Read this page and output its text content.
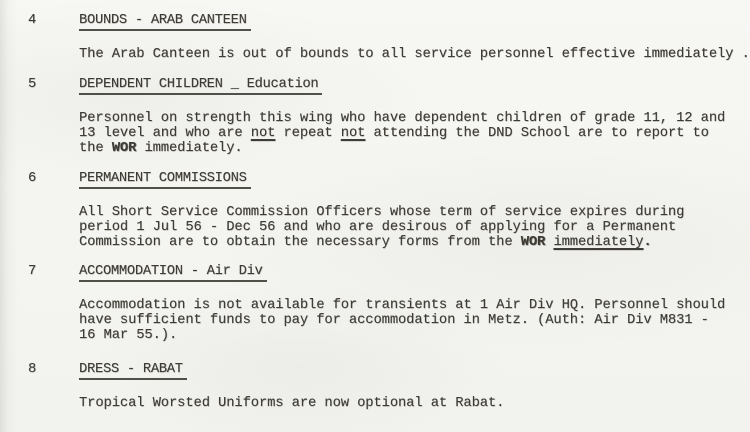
4	BOUNDS - ARAB CANTEEN

The Arab Canteen is out of bounds to all service personnel effective immediately .

5	DEPENDENT CHILDREN _ Education

Personnel on strength this wing who have dependent children of grade 11, 12 and
13 level and who are not repeat not attending the DND School are to report to
the WOR immediately.

6	PERMANENT COMMISSIONS

All Short Service Commission Officers whose term of service expires during
period 1 Jul 56 - Dec 56 and who are desirous of applying for a Permanent
Commission are to obtain the necessary forms from the WOR immediately.

7	ACCOMMODATION - Air Div

Accommodation is not available for transients at 1 Air Div HQ. Personnel should
have sufficient funds to pay for accommodation in Metz. (Auth: Air Div M831 -
16 Mar 55.).

8	DRESS - RABAT

Tropical Worsted Uniforms are now optional at Rabat.
